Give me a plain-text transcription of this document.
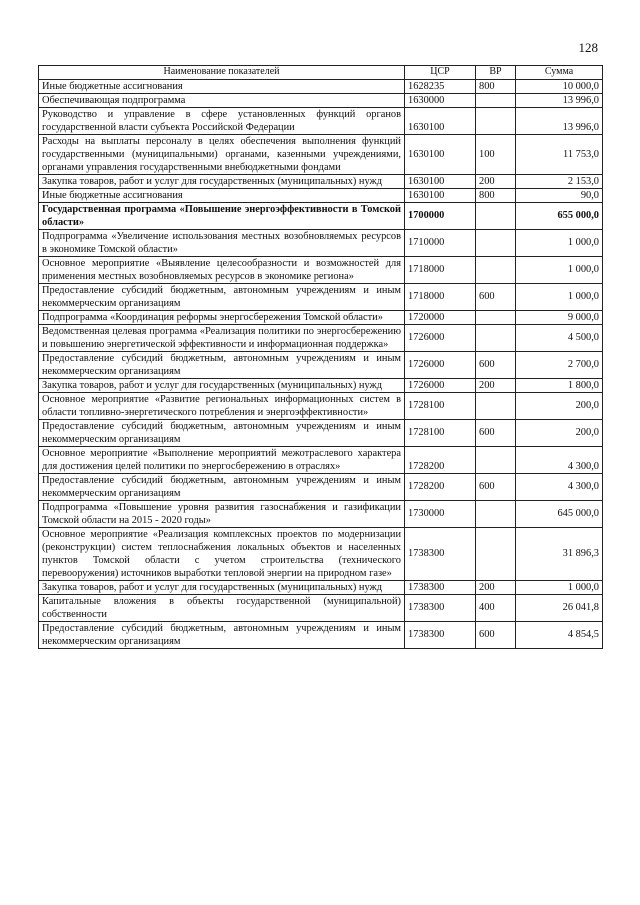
128
Наименование показателей	ЦСР	ВР	Сумма
Иные бюджетные ассигнования	1628235	800	10 000,0
Обеспечивающая подпрограмма	1630000		13 996,0
Руководство и управление в сфере установленных функций органов государственной власти субъекта Российской Федерации	1630100		13 996,0
Расходы на выплаты персоналу в целях обеспечения выполнения функций государственными (муниципальными) органами, казенными учреждениями, органами управления государственными внебюджетными фондами	1630100	100	11 753,0
Закупка товаров, работ и услуг для государственных (муниципальных) нужд	1630100	200	2 153,0
Иные бюджетные ассигнования	1630100	800	90,0
Государственная программа «Повышение энергоэффективности в Томской области»	1700000		655 000,0
Подпрограмма «Увеличение использования местных возобновляемых ресурсов в экономике Томской области»	1710000		1 000,0
Основное мероприятие «Выявление целесообразности и возможностей для применения местных возобновляемых ресурсов в экономике региона»	1718000		1 000,0
Предоставление субсидий бюджетным, автономным учреждениям и иным некоммерческим организациям	1718000	600	1 000,0
Подпрограмма «Координация реформы энергосбережения Томской области»	1720000		9 000,0
Ведомственная целевая программа «Реализация политики по энергосбережению и повышению энергетической эффективности и информационная поддержка»	1726000		4 500,0
Предоставление субсидий бюджетным, автономным учреждениям и иным некоммерческим организациям	1726000	600	2 700,0
Закупка товаров, работ и услуг для государственных (муниципальных) нужд	1726000	200	1 800,0
Основное мероприятие «Развитие региональных информационных систем в области топливно-энергетического потребления и энергоэффективности»	1728100		200,0
Предоставление субсидий бюджетным, автономным учреждениям и иным некоммерческим организациям	1728100	600	200,0
Основное мероприятие «Выполнение мероприятий межотраслевого характера для достижения целей политики по энергосбережению в отраслях»	1728200		4 300,0
Предоставление субсидий бюджетным, автономным учреждениям и иным некоммерческим организациям	1728200	600	4 300,0
Подпрограмма «Повышение уровня развития газоснабжения и газификации Томской области на 2015 - 2020 годы»	1730000		645 000,0
Основное мероприятие «Реализация комплексных проектов по модернизации (реконструкции) систем теплоснабжения локальных объектов и населенных пунктов Томской области с учетом строительства (технического перевооружения) источников выработки тепловой энергии на природном газе»	1738300		31 896,3
Закупка товаров, работ и услуг для государственных (муниципальных) нужд	1738300	200	1 000,0
Капитальные вложения в объекты государственной (муниципальной) собственности	1738300	400	26 041,8
Предоставление субсидий бюджетным, автономным учреждениям и иным некоммерческим организациям	1738300	600	4 854,5
